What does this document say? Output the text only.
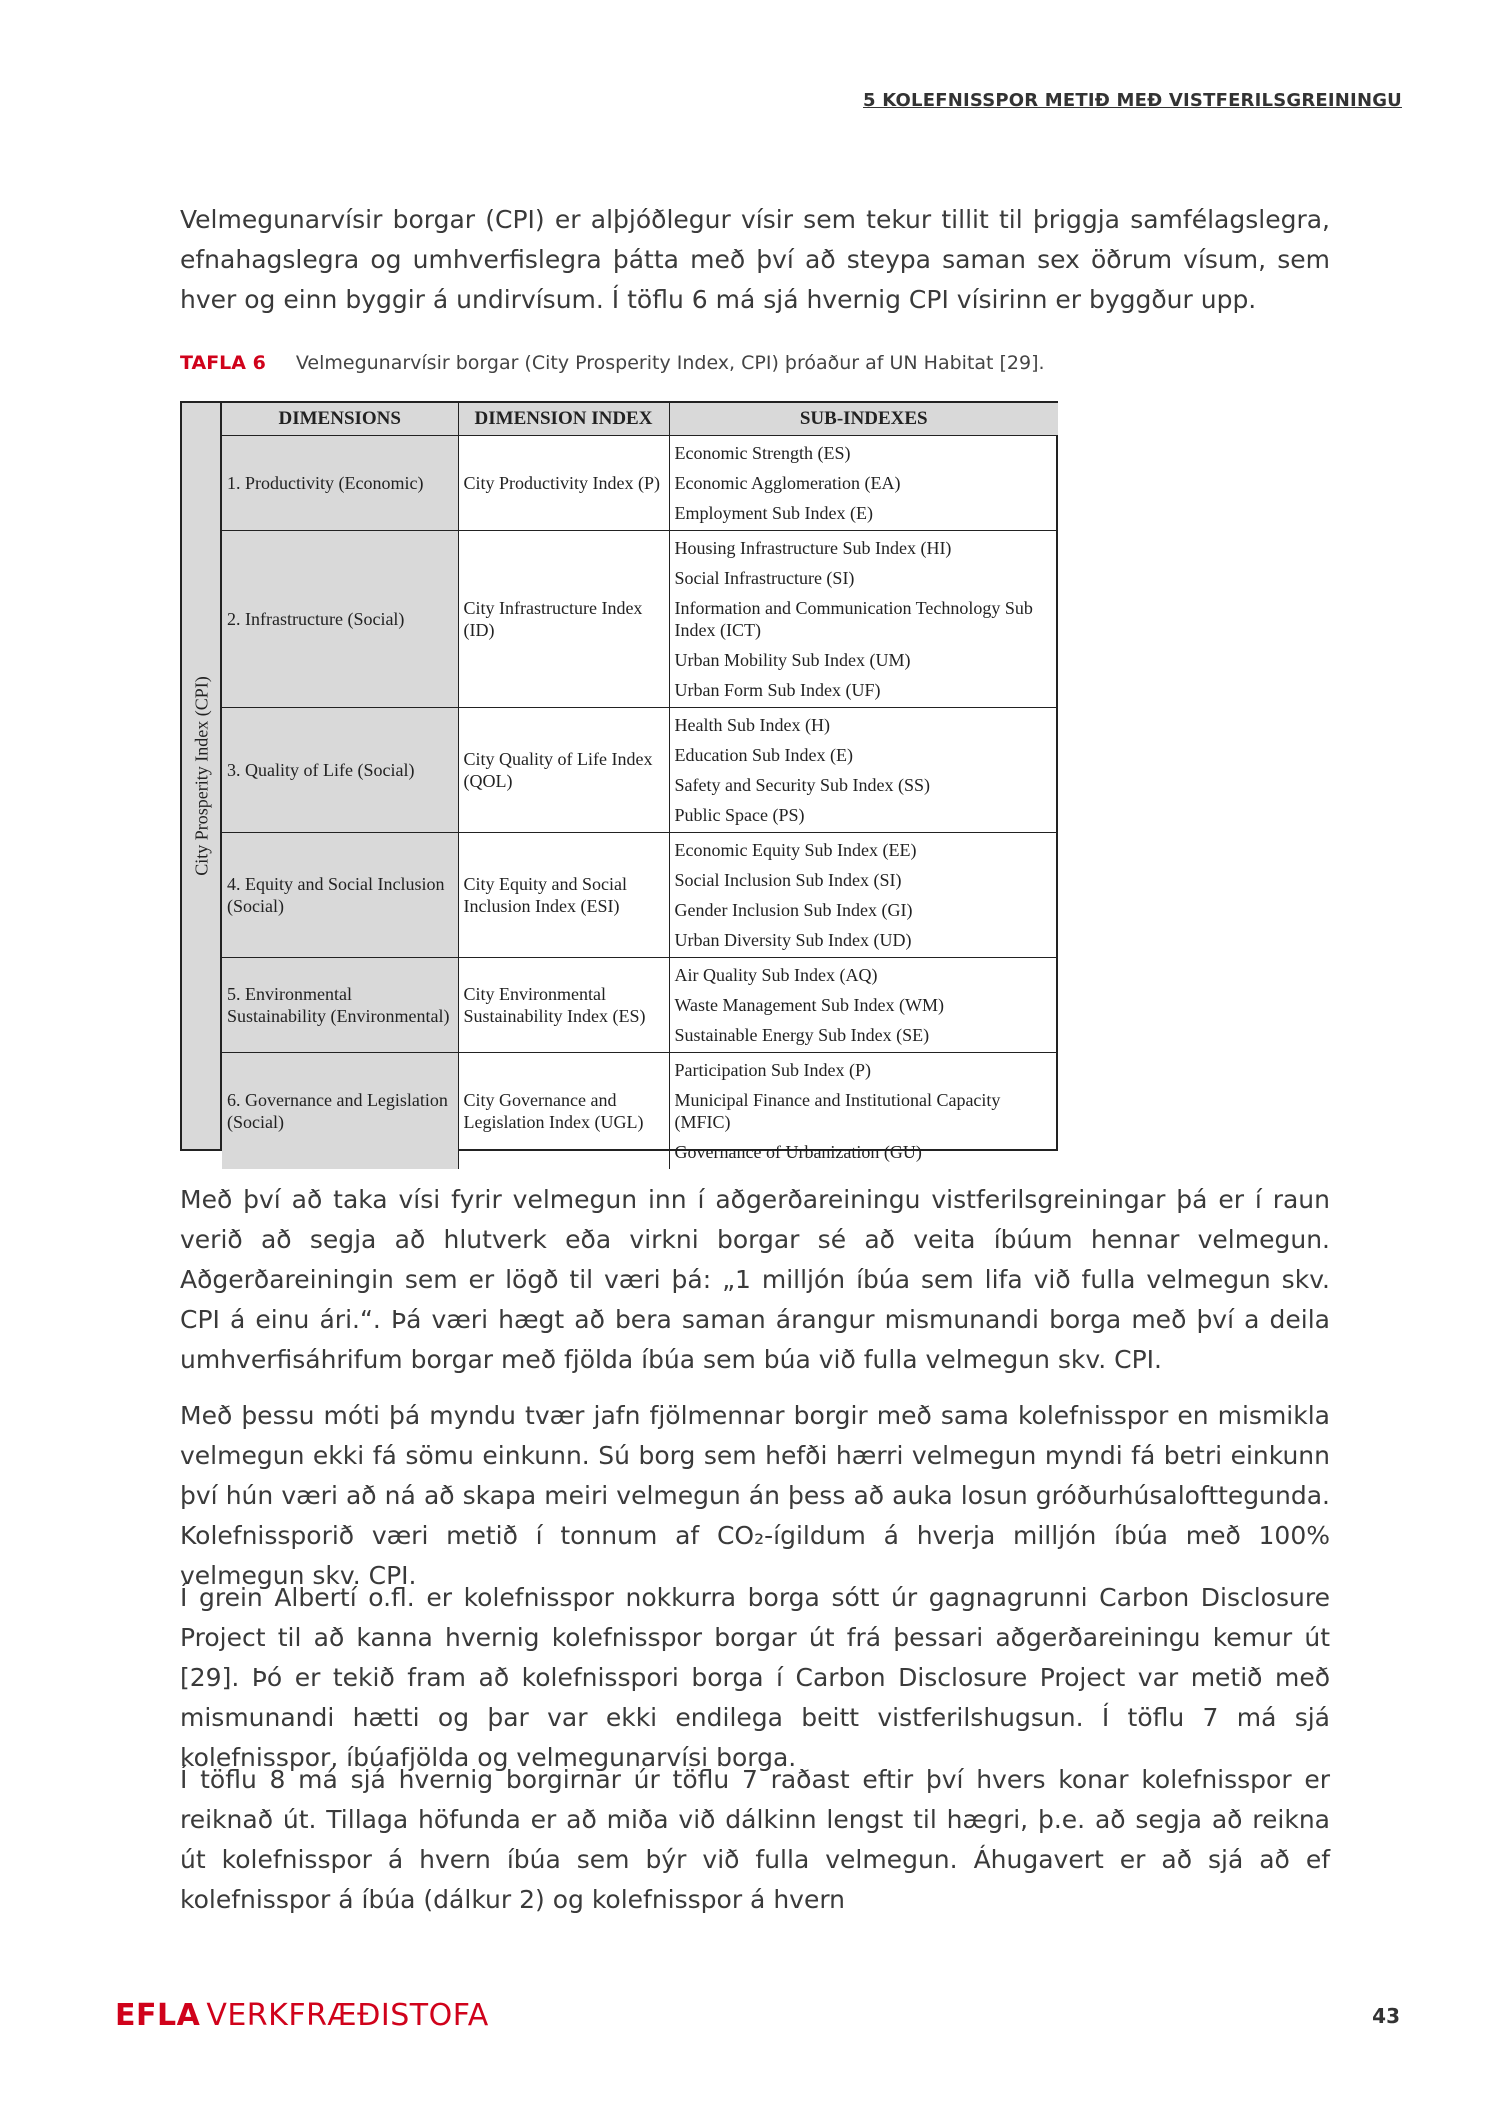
5 KOLEFNISSPOR METIÐ MEÐ VISTFERILSGREININGU

Velmegunarvísir borgar (CPI) er alþjóðlegur vísir sem tekur tillit til þriggja samfélagslegra, efnahagslegra og umhverfislegra þátta með því að steypa saman sex öðrum vísum, sem hver og einn byggir á undirvísum. Í töflu 6 má sjá hvernig CPI vísirinn er byggður upp.

TAFLA 6 Velmegunarvísir borgar (City Prosperity Index, CPI) þróaður af UN Habitat [29].
City Prosperity Index (CPI)
DIMENSIONS	DIMENSION INDEX	SUB-INDEXES
1. Productivity (Economic)	City Productivity Index (P)	Economic Strength (ES)
Economic Agglomeration (EA)
Employment Sub Index (E)

2. Infrastructure (Social)	City Infrastructure Index (ID)	Housing Infrastructure Sub Index (HI)
Social Infrastructure (SI)
Information and Communication Technology Sub Index (ICT)
Urban Mobility Sub Index (UM)
Urban Form Sub Index (UF)

3. Quality of Life (Social)	City Quality of Life Index (QOL)	Health Sub Index (H)
Education Sub Index (E)
Safety and Security Sub Index (SS)
Public Space (PS)

4. Equity and Social Inclusion (Social)	City Equity and Social Inclusion Index (ESI)	Economic Equity Sub Index (EE)
Social Inclusion Sub Index (SI)
Gender Inclusion Sub Index (GI)
Urban Diversity Sub Index (UD)

5. Environmental Sustainability (Environmental)	City Environmental Sustainability Index (ES)	Air Quality Sub Index (AQ)
Waste Management Sub Index (WM)
Sustainable Energy Sub Index (SE)

6. Governance and Legislation (Social)	City Governance and Legislation Index (UGL)	Participation Sub Index (P)
Municipal Finance and Institutional Capacity (MFIC)
Governance of Urbanization (GU)

Með því að taka vísi fyrir velmegun inn í aðgerðareiningu vistferilsgreiningar þá er í raun verið að segja að hlutverk eða virkni borgar sé að veita íbúum hennar velmegun. Aðgerðareiningin sem er lögð til væri þá: „1 milljón íbúa sem lifa við fulla velmegun skv. CPI á einu ári.“. Þá væri hægt að bera saman árangur mismunandi borga með því a deila umhverfisáhrifum borgar með fjölda íbúa sem búa við fulla velmegun skv. CPI.

Með þessu móti þá myndu tvær jafn fjölmennar borgir með sama kolefnisspor en mismikla velmegun ekki fá sömu einkunn. Sú borg sem hefði hærri velmegun myndi fá betri einkunn því hún væri að ná að skapa meiri velmegun án þess að auka losun gróðurhúsalofttegunda. Kolefnissporið væri metið í tonnum af CO₂-ígildum á hverja milljón íbúa með 100% velmegun skv. CPI.

Í grein Albertí o.fl. er kolefnisspor nokkurra borga sótt úr gagnagrunni Carbon Disclosure Project til að kanna hvernig kolefnisspor borgar út frá þessari aðgerðareiningu kemur út [29]. Þó er tekið fram að kolefnisspori borga í Carbon Disclosure Project var metið með mismunandi hætti og þar var ekki endilega beitt vistferilshugsun. Í töflu 7 má sjá kolefnisspor, íbúafjölda og velmegunarvísi borga.

Í töflu 8 má sjá hvernig borgirnar úr töflu 7 raðast eftir því hvers konar kolefnisspor er reiknað út. Tillaga höfunda er að miða við dálkinn lengst til hægri, þ.e. að segja að reikna út kolefnisspor á hvern íbúa sem býr við fulla velmegun. Áhugavert er að sjá að ef kolefnisspor á íbúa (dálkur 2) og kolefnisspor á hvern

EFLA VERKFRÆÐISTOFA	43
